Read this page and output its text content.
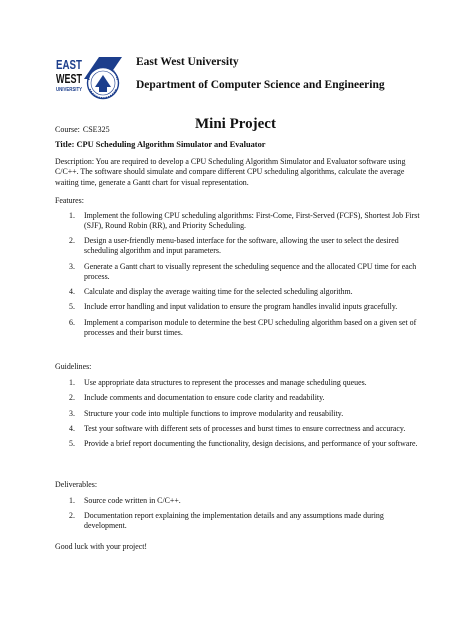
EAST
WEST
UNIVERSITY
East West University
Department of Computer Science and Engineering
Course: CSE325	Mini Project
Title: CPU Scheduling Algorithm Simulator and Evaluator
Description: You are required to develop a CPU Scheduling Algorithm Simulator and Evaluator software using C/C++. The software should simulate and compare different CPU scheduling algorithms, calculate the average waiting time, generate a Gantt chart for visual representation.
Features:
1. Implement the following CPU scheduling algorithms: First-Come, First-Served (FCFS), Shortest Job First (SJF), Round Robin (RR), and Priority Scheduling.
2. Design a user-friendly menu-based interface for the software, allowing the user to select the desired scheduling algorithm and input parameters.
3. Generate a Gantt chart to visually represent the scheduling sequence and the allocated CPU time for each process.
4. Calculate and display the average waiting time for the selected scheduling algorithm.
5. Include error handling and input validation to ensure the program handles invalid inputs gracefully.
6. Implement a comparison module to determine the best CPU scheduling algorithm based on a given set of processes and their burst times.
Guidelines:
1. Use appropriate data structures to represent the processes and manage scheduling queues.
2. Include comments and documentation to ensure code clarity and readability.
3. Structure your code into multiple functions to improve modularity and reusability.
4. Test your software with different sets of processes and burst times to ensure correctness and accuracy.
5. Provide a brief report documenting the functionality, design decisions, and performance of your software.
Deliverables:
1. Source code written in C/C++.
2. Documentation report explaining the implementation details and any assumptions made during development.
Good luck with your project!
